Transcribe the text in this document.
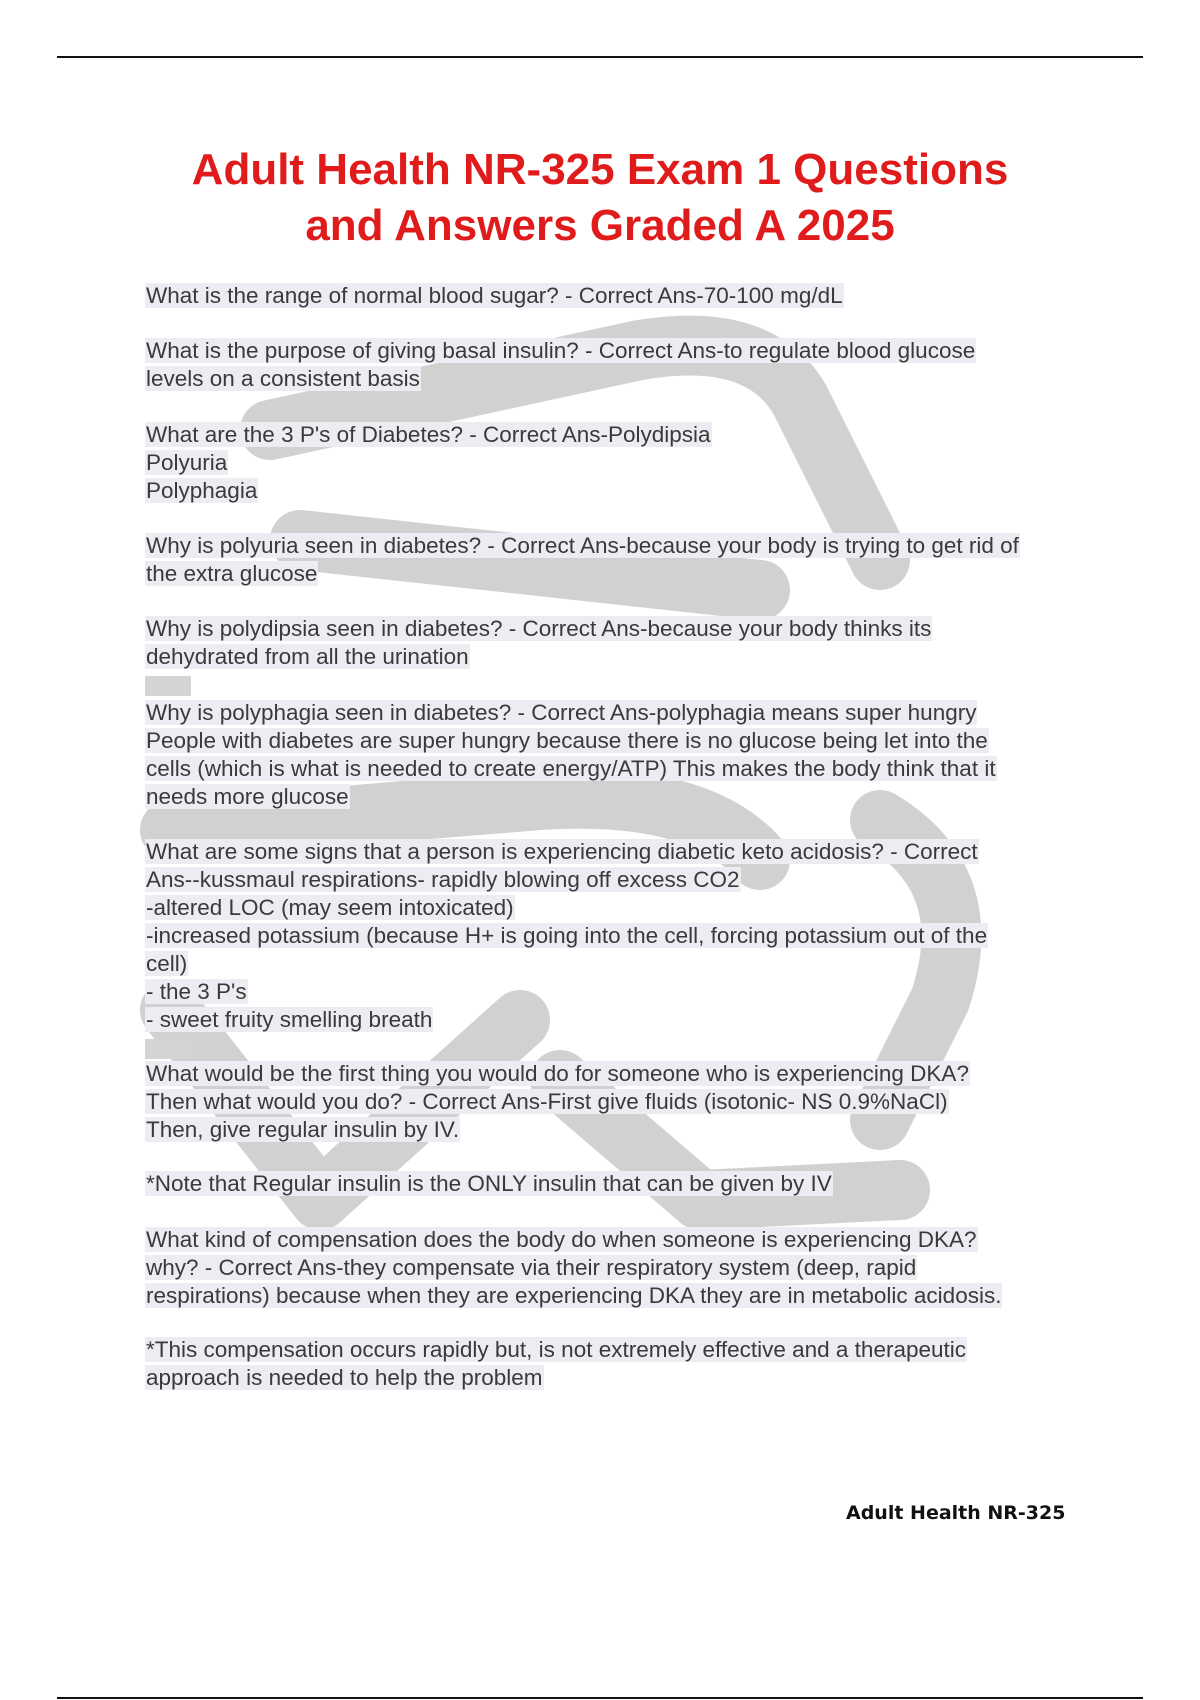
Adult Health NR-325 Exam 1 Questions
and Answers Graded A 2025
What is the range of normal blood sugar? - Correct Ans-70-100 mg/dL
What is the purpose of giving basal insulin? - Correct Ans-to regulate blood glucose
levels on a consistent basis
What are the 3 P's of Diabetes? - Correct Ans-Polydipsia
Polyuria
Polyphagia
Why is polyuria seen in diabetes? - Correct Ans-because your body is trying to get rid of
the extra glucose
Why is polydipsia seen in diabetes? - Correct Ans-because your body thinks its
dehydrated from all the urination
Why is polyphagia seen in diabetes? - Correct Ans-polyphagia means super hungry
People with diabetes are super hungry because there is no glucose being let into the
cells (which is what is needed to create energy/ATP) This makes the body think that it
needs more glucose
What are some signs that a person is experiencing diabetic keto acidosis? - Correct
Ans--kussmaul respirations- rapidly blowing off excess CO2
-altered LOC (may seem intoxicated)
-increased potassium (because H+ is going into the cell, forcing potassium out of the
cell)
- the 3 P's
- sweet fruity smelling breath
What would be the first thing you would do for someone who is experiencing DKA?
Then what would you do? - Correct Ans-First give fluids (isotonic- NS 0.9%NaCl)
Then, give regular insulin by IV.
*Note that Regular insulin is the ONLY insulin that can be given by IV
What kind of compensation does the body do when someone is experiencing DKA?
why? - Correct Ans-they compensate via their respiratory system (deep, rapid
respirations) because when they are experiencing DKA they are in metabolic acidosis.
*This compensation occurs rapidly but, is not extremely effective and a therapeutic
approach is needed to help the problem
Adult Health NR-325
